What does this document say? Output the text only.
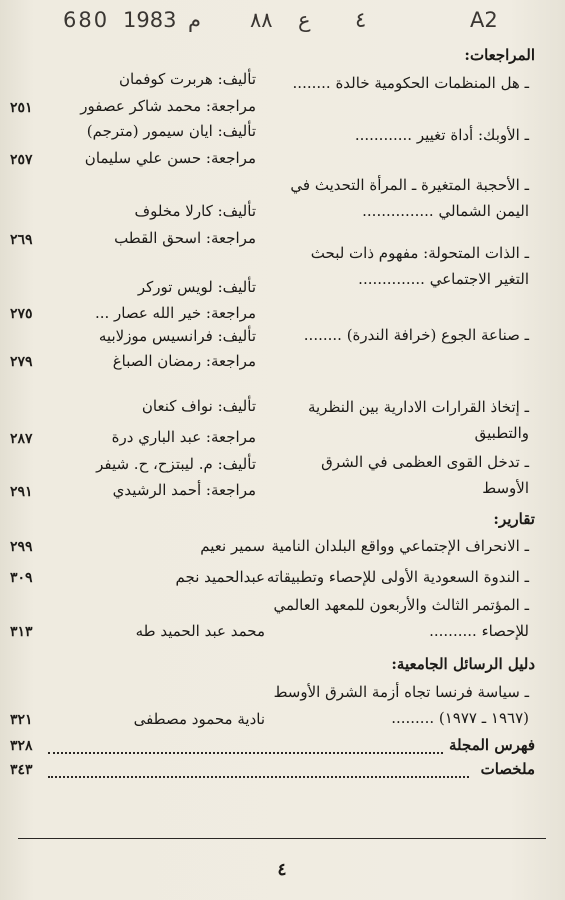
A2
٤
ع
٨٨
م
1983
680
المراجعات:
ـ هل المنظمات الحكومية خالدة ........
تأليف: هربرت كوفمان
مراجعة: محمد شاكر عصفور
٢٥١
ـ الأوبك: أداة تغيير ............
تأليف: ايان سيمور (مترجم)
مراجعة: حسن علي سليمان
٢٥٧
ـ الأحجبة المتغيرة ـ المرأة التحديث في اليمن الشمالي ...............
تأليف: كارلا مخلوف
مراجعة: اسحق القطب
٢٦٩
ـ الذات المتحولة: مفهوم ذات لبحث التغير الاجتماعي ..............
تأليف: لويس توركر
مراجعة: خير الله عصار ...
٢٧٥
ـ صناعة الجوع (خرافة الندرة) ........
تأليف: فرانسيس موزلابيه
مراجعة: رمضان الصباغ
٢٧٩
ـ إتخاذ القرارات الادارية بين النظرية والتطبيق
تأليف: نواف كنعان
مراجعة: عبد الباري درة
٢٨٧
ـ تدخل القوى العظمى في الشرق الأوسط
تأليف: م. ليبتزح، ح. شيفر
مراجعة: أحمد الرشيدي
٢٩١
تقارير:
ـ الانحراف الإجتماعي وواقع البلدان النامية
سمير نعيم
٢٩٩
ـ الندوة السعودية الأولى للإحصاء وتطبيقاته
عبدالحميد نجم
٣٠٩
ـ المؤتمر الثالث والأربعون للمعهد العالمي للإحصاء ..........
محمد عبد الحميد طه
٣١٣
دليل الرسائل الجامعية:
ـ سياسة فرنسا تجاه أزمة الشرق الأوسط
(١٩٦٧ ـ ١٩٧٧) .........
نادية محمود مصطفى
٣٢١
فهرس المجلة
٣٢٨
ملخصات
٣٤٣
٤
